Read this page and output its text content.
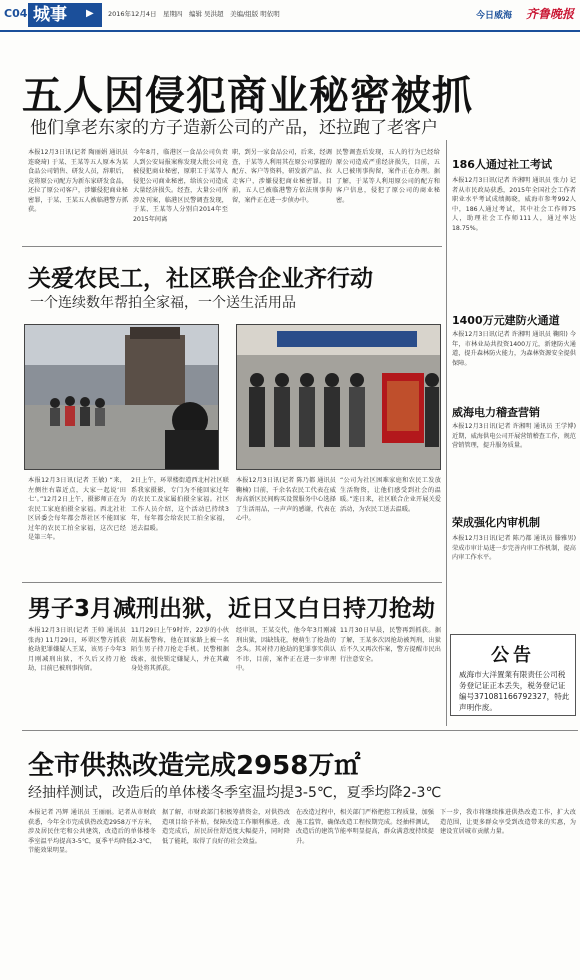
C04 城事	▶ 2016年12月4日　星期四　编辑 吴洪超　美编/组版 明依明	今日威海 齐鲁晚报
五人因侵犯商业秘密被抓
他们拿老东家的方子造新公司的产品，还拉跑了老客户
本报12月3日讯(记者 陶丽娟 通讯员 连晓琦) 于某、王某等五人原本为某食品公司销售、研发人员，辞职后，竟将原公司配方为新东家研发食品，还拉了原公司客户，涉嫌侵犯商业秘密罪，于某、王某五人被临港警方抓获。
今年8月，临港区一食品公司负责人到公安局报案称发现大批公司竟被侵犯商业秘密，原职工于某等人侵犯公司商业秘密，给该公司造成大量经济损失。经查，大量公司所涉及刊案，临港区民警调查发现，于某、王某等人分别自2014年至2015年间离
职，到另一家食品公司，后来，经调查，于某等人利用其在原公司掌握的配方、客户等资料，研发新产品、拉走客户，涉嫌侵犯商业秘密罪。目前，五人已被临港警方依法刑事拘留，案件正在进一步侦办中。
民警调查后发现，五人的行为已经给原公司造成严重经济损失，目前，五人已被刑事拘留，案件正在办理。据了解，于某等人利用原公司的配方和客户信息，侵犯了原公司的商业秘密。
关爱农民工，社区联合企业齐行动
一个连续数年帮拍全家福，一个送生活用品
本报12月3日讯(记者 王敏) “来，左侧往右靠近点，大家一起说‘田七’。”12月2日上午，摄影师正在为农民工家庭拍摄全家福。西北社社区居委会每年都会帮社区不能回家过年的农民工拍全家福，这次已经是第三年。
2日上午，环翠楼街道西北村社区联系我家摄影，专门为不能回家过年的农民工及家属拍摄全家福。社区工作人员介绍，这个活动已持续3年，每年都会给农民工拍全家福，送去温暖。
本报12月3日讯(记者 陈乃都 通讯员 鞠楠) 目前，千余名农民工代表在威海高新区民间购买设置服务中心选择了生活用品，一声声的感谢，代表在心中。
“公司为社区困难家庭和农民工发放生活物资，让他们感受到社会的温暖。”连日来，社区联合企业开展关爱活动，为农民工送去温暖。
男子3月减刑出狱，近日又白日持刀抢劫
本报12月3日讯(记者 王帅 通讯员 张海) 11月29日，环翠区警方抓获抢劫犯罪嫌疑人王某，该男子今年3月刚减刑出狱，不久后又持刀抢劫，目前已被刑事拘留。
11月29日上午9时许，22岁的小伙胡某报警称，他在回家路上被一名陌生男子持刀抢走手机。民警根据线索，很快锁定嫌疑人，并在其藏身处将其抓获。
经审讯，王某交代，他今年3月刚减刑出狱，因缺钱花，便萌生了抢劫的念头。其对持刀抢劫的犯罪事实供认不讳，目前，案件正在进一步审理中。
11月30日早晨，民警再到抓获。据了解，王某多次因抢劫被判刑，出狱后不久又再次作案，警方提醒市民出行注意安全。
186人通过社工考试
本报12月3日讯(记者 许湘明 通讯员 张力) 记者从市民政局获悉，2015年全国社会工作者职业水平考试成绩揭晓，威海市参考992人中，186人通过考试，其中社会工作师75人，助理社会工作师111人，通过率达18.75%。
1400万元建防火通道
本报12月3日讯(记者 许湘明 通讯员 鞠阳) 今年，市林业局共投资1400万元，新建防火通道，提升森林防火能力，为森林资源安全提供保障。
威海电力稽查营销
本报12月3日讯(记者 许湘明 通讯员 王学博) 近期，威海供电公司开展营销稽查工作，规范营销管理，提升服务质量。
荣成强化内审机制
本报12月3日讯(记者 陈乃都 通讯员 滕雅男) 荣成市审计局进一步完善内审工作机制，提高内审工作水平。
公告
威海市大洋置業有限责任公司税务登记证正本丢失，税务登记证编号371081166792327，特此声明作废。
全市供热改造完成2958万㎡
经抽样测试，改造后的单体楼冬季室温均提3-5℃，夏季均降2-3℃
本报记者 冯辉 通讯员 王丽丽。记者从市财政获悉，今年全市完成供热改造2958万平方米，涉及居民住宅和公共建筑，改造后的单体楼冬季室温平均提高3-5℃，夏季平均降低2-3℃，节能效果明显。
据了解，市财政部门积极筹措资金，对供热改造项目给予补贴，保障改造工作顺利推进。改造完成后，居民居住舒适度大幅提升，同时降低了能耗，取得了良好的社会效益。
在改造过程中，相关部门严格把控工程质量，加强施工监管，确保改造工程按期完成。经抽样测试，改造后的建筑节能率明显提高，群众满意度持续提升。
下一步，我市将继续推进供热改造工作，扩大改造范围，让更多群众享受到改造带来的实惠，为建设宜居城市贡献力量。
